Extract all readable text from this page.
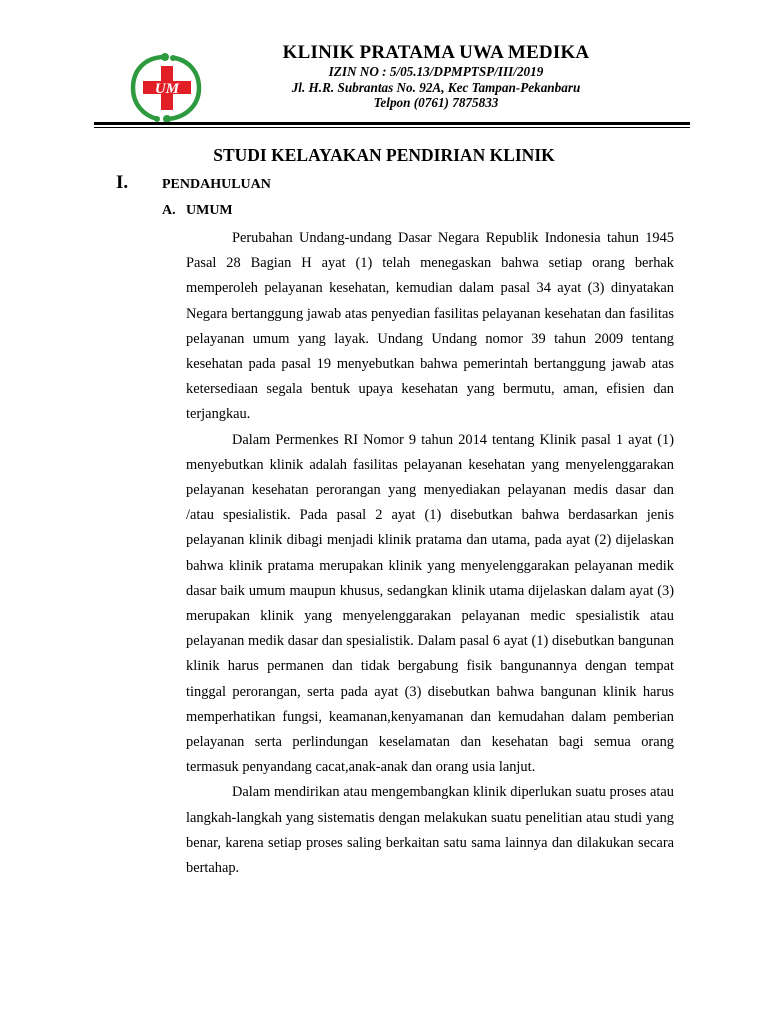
UM
KLINIK PRATAMA UWA MEDIKA
IZIN NO : 5/05.13/DPMPTSP/III/2019
Jl. H.R. Subrantas No. 92A, Kec Tampan-Pekanbaru
Telpon (0761) 7875833
STUDI KELAYAKAN PENDIRIAN KLINIK
I. PENDAHULUAN
A. UMUM

Perubahan Undang-undang Dasar Negara Republik Indonesia tahun 1945 Pasal 28 Bagian H ayat (1) telah menegaskan bahwa setiap orang berhak memperoleh pelayanan kesehatan, kemudian dalam pasal 34 ayat (3) dinyatakan Negara bertanggung jawab atas penyedian fasilitas pelayanan kesehatan dan fasilitas pelayanan umum yang layak. Undang Undang nomor 39 tahun 2009 tentang kesehatan pada pasal 19 menyebutkan bahwa pemerintah bertanggung jawab atas ketersediaan segala bentuk upaya kesehatan yang bermutu, aman, efisien dan terjangkau.

Dalam Permenkes RI Nomor 9 tahun 2014 tentang Klinik pasal 1 ayat (1) menyebutkan klinik adalah fasilitas pelayanan kesehatan yang menyelenggarakan pelayanan kesehatan perorangan yang menyediakan pelayanan medis dasar dan /atau spesialistik. Pada pasal 2 ayat (1) disebutkan bahwa berdasarkan jenis pelayanan klinik dibagi menjadi klinik pratama dan utama, pada ayat (2) dijelaskan bahwa klinik pratama merupakan klinik yang menyelenggarakan pelayanan medik dasar baik umum maupun khusus, sedangkan klinik utama dijelaskan dalam ayat (3) merupakan klinik yang menyelenggarakan pelayanan medic spesialistik atau pelayanan medik dasar dan spesialistik. Dalam pasal 6 ayat (1) disebutkan bangunan klinik harus permanen dan tidak bergabung fisik bangunannya dengan tempat tinggal perorangan, serta pada ayat (3) disebutkan bahwa bangunan klinik harus memperhatikan fungsi, keamanan,kenyamanan dan kemudahan dalam pemberian pelayanan serta perlindungan keselamatan dan kesehatan bagi semua orang termasuk penyandang cacat,anak-anak dan orang usia lanjut.

Dalam mendirikan atau mengembangkan klinik diperlukan suatu proses atau langkah-langkah yang sistematis dengan melakukan suatu penelitian atau studi yang benar, karena setiap proses saling berkaitan satu sama lainnya dan dilakukan secara bertahap.
